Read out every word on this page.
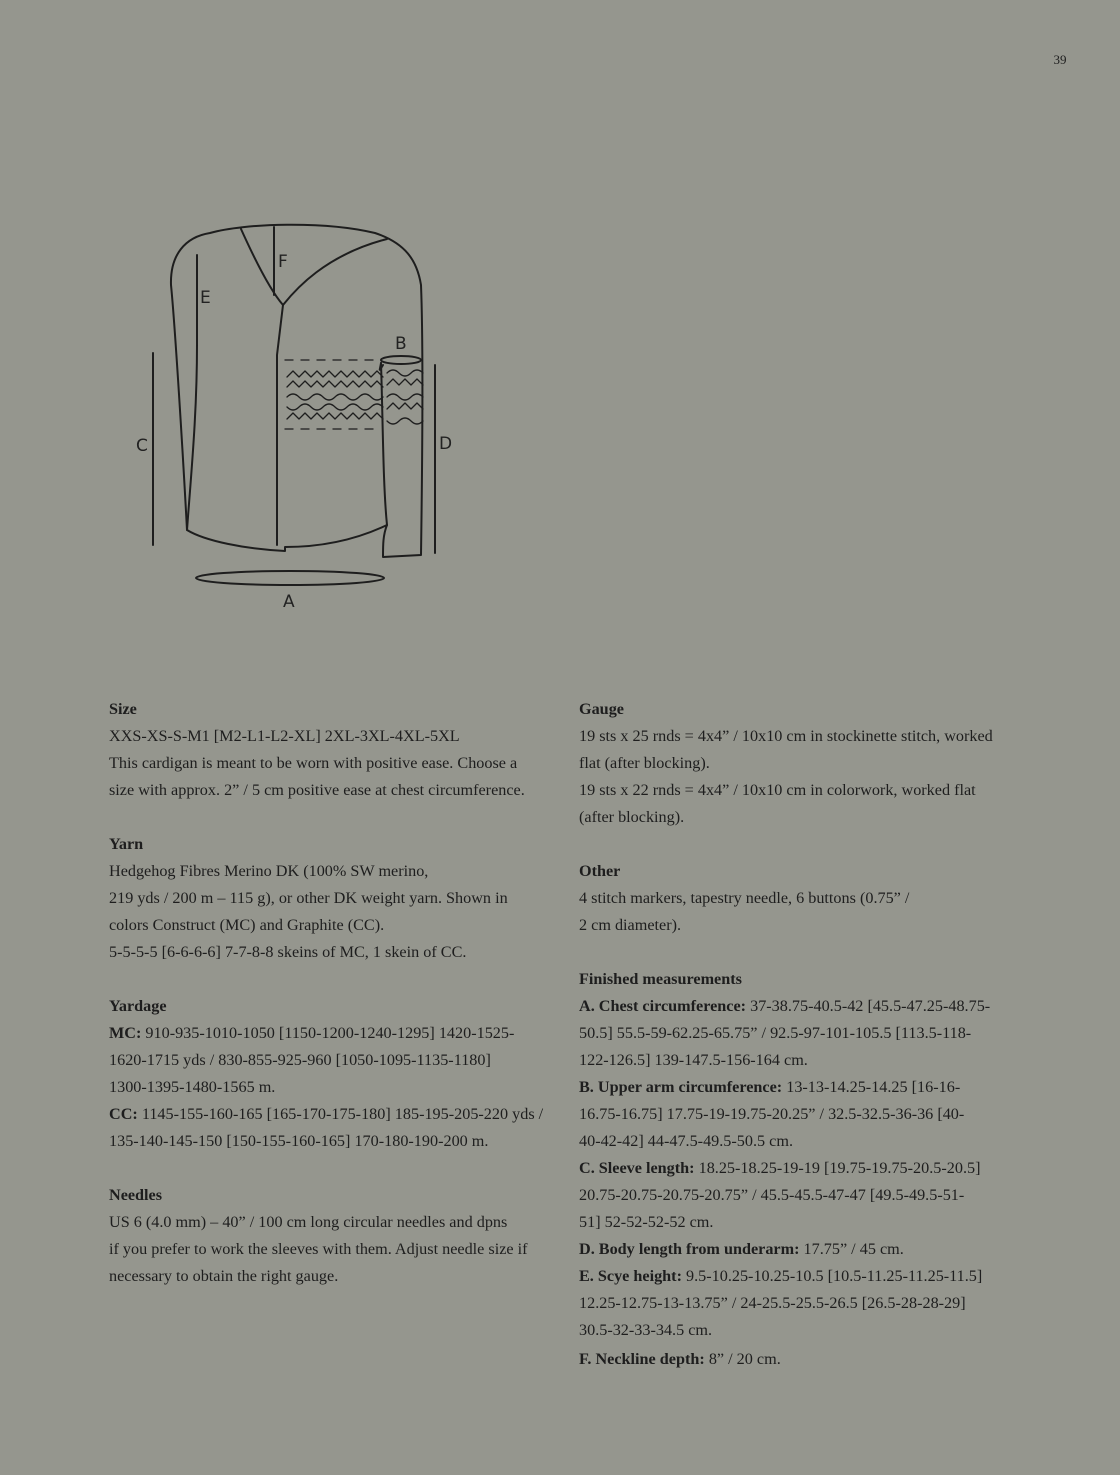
39
A
B
C	D
E
F
Size

XXS-XS-S-M1 [M2-L1-L2-XL] 2XL-3XL-4XL-5XL

This cardigan is meant to be worn with positive ease. Choose a

size with approx. 2” / 5 cm positive ease at chest circumference.

Yarn

Hedgehog Fibres Merino DK (100% SW merino,

219 yds / 200 m – 115 g), or other DK weight yarn. Shown in

colors Construct (MC) and Graphite (CC).

5-5-5-5 [6-6-6-6] 7-7-8-8 skeins of MC, 1 skein of CC.

Yardage

MC: 910-935-1010-1050 [1150-1200-1240-1295] 1420-1525-

1620-1715 yds / 830-855-925-960 [1050-1095-1135-1180]

1300-1395-1480-1565 m.

CC: 1145-155-160-165 [165-170-175-180] 185-195-205-220 yds /

135-140-145-150 [150-155-160-165] 170-180-190-200 m.

Needles

US 6 (4.0 mm) – 40” / 100 cm long circular needles and dpns

if you prefer to work the sleeves with them. Adjust needle size if

necessary to obtain the right gauge.

Gauge

19 sts x 25 rnds = 4x4” / 10x10 cm in stockinette stitch, worked

flat (after blocking).

19 sts x 22 rnds = 4x4” / 10x10 cm in colorwork, worked flat

(after blocking).

Other

4 stitch markers, tapestry needle, 6 buttons (0.75” /

2 cm diameter).

Finished measurements

A. Chest circumference: 37-38.75-40.5-42 [45.5-47.25-48.75-

50.5] 55.5-59-62.25-65.75” / 92.5-97-101-105.5 [113.5-118-

122-126.5] 139-147.5-156-164 cm.

B. Upper arm circumference: 13-13-14.25-14.25 [16-16-

16.75-16.75] 17.75-19-19.75-20.25” / 32.5-32.5-36-36 [40-

40-42-42] 44-47.5-49.5-50.5 cm.

C. Sleeve length: 18.25-18.25-19-19 [19.75-19.75-20.5-20.5]

20.75-20.75-20.75-20.75” / 45.5-45.5-47-47 [49.5-49.5-51-

51] 52-52-52-52 cm.

D. Body length from underarm: 17.75” / 45 cm.

E. Scye height: 9.5-10.25-10.25-10.5 [10.5-11.25-11.25-11.5]

12.25-12.75-13-13.75” / 24-25.5-25.5-26.5 [26.5-28-28-29]

30.5-32-33-34.5 cm.

F. Neckline depth: 8” / 20 cm.
